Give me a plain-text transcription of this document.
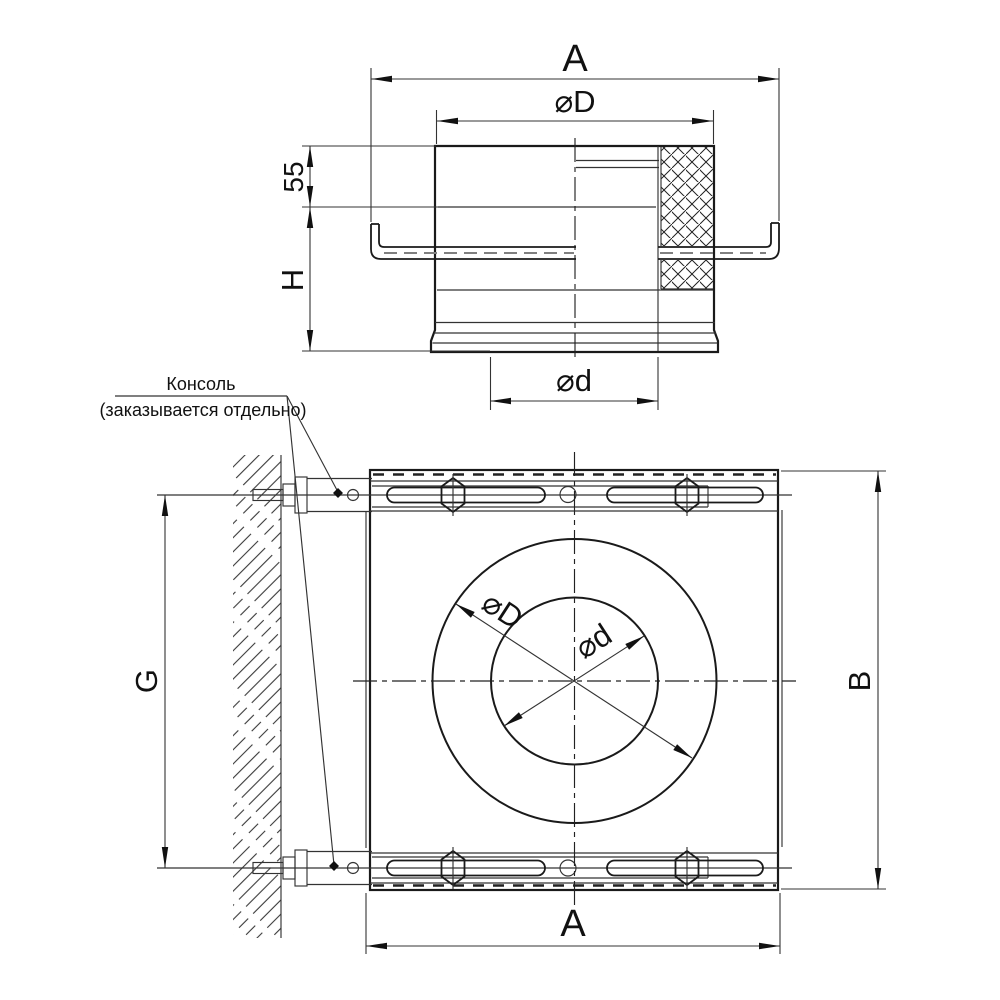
A
⌀D
55
H
⌀d
⌀D
⌀d
G	B
A
Консоль
(заказывается отдельно)
